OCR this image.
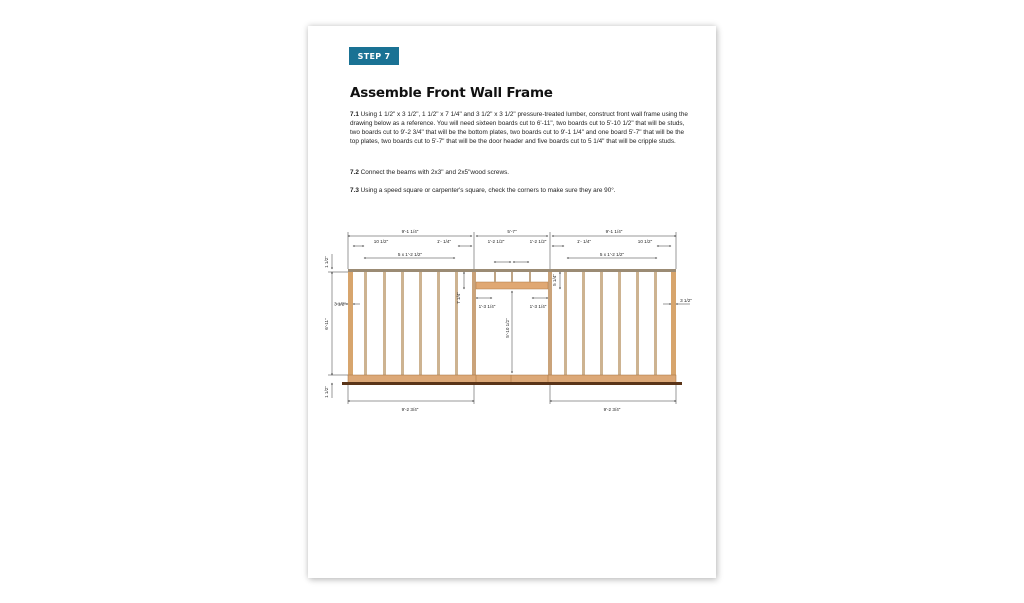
STEP 7
Assemble Front Wall Frame
7.1 Using 1 1/2" x 3 1/2", 1 1/2" x 7 1/4" and 3 1/2" x 3 1/2" pressure-treated lumber, construct front wall frame using the drawing below as a reference. You will need sixteen boards cut to 6'-11", two boards cut to 5'-10 1/2" that will be studs, two boards cut to 9'-2 3/4" that will be the bottom plates, two boards cut to 9'-1 1/4" and one board 5'-7" that will be the top plates, two boards cut to 5'-7" that will be the door header and five boards cut to 5 1/4" that will be cripple studs.
7.2 Connect the beams with 2x3" and 2x5"wood screws.
7.3 Using a speed square or carpenter's square, check the corners to make sure they are 90°.
9'-1 1/4"	5'-7"	9'-1 1/4"
10 1/2"	1'- 1/4"	1'-2 1/2"	1'-2 1/2"	1'- 1/4"	10 1/2"
5 x 1'-2 1/2"	5 x 1'-2 1/2"
3 1/2"
3 1/2"
1'-3 1/4"	1'-3 1/4"
9'-2 3/4"	9'-2 3/4"
1 1/2"
6'-11"
1 1/2"
7 1/4"
5 1/4"
5'-10 1/2"
